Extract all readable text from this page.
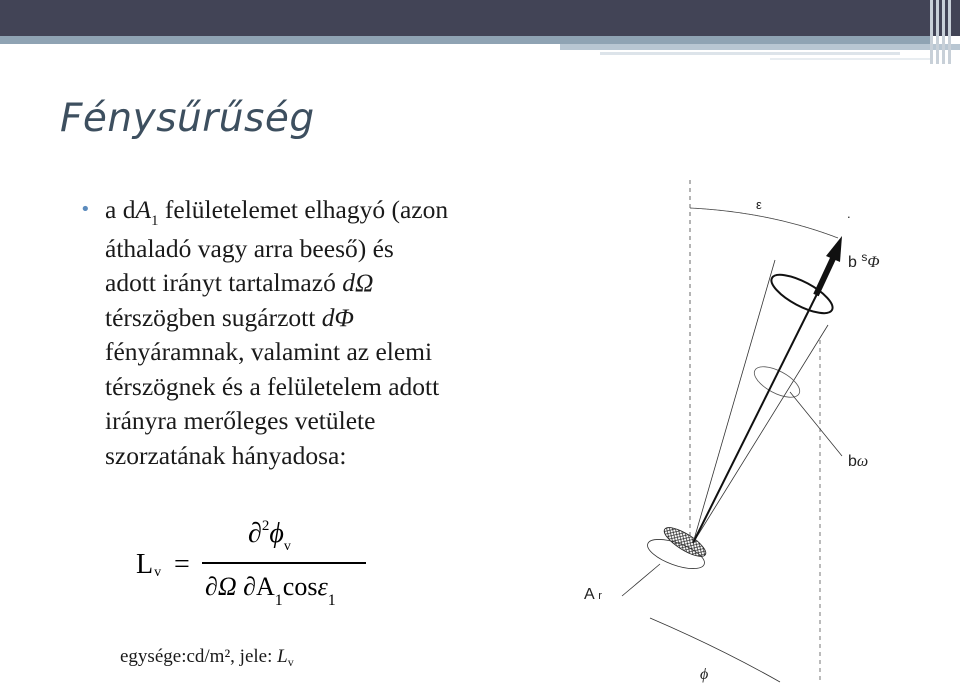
Fénysűrűség
• a $dA_1$ felületelemet elhagyó (azon
áthaladó vagy arra beeső) és
adott irányt tartalmazó dΩ
térszögben sugárzott dΦ
fényáramnak, valamint az elemi
térszögnek és a felületelem adott
irányra merőleges vetülete
szorzatának hányadosa:
Lv =
$\partial^2\phi_v$
∂Ω $\partial A_1\cos\varepsilon_1$
egysége:cd/m², jele: $L_v$
ε
.
b $^s$Φ
bω
A r
ϕ
